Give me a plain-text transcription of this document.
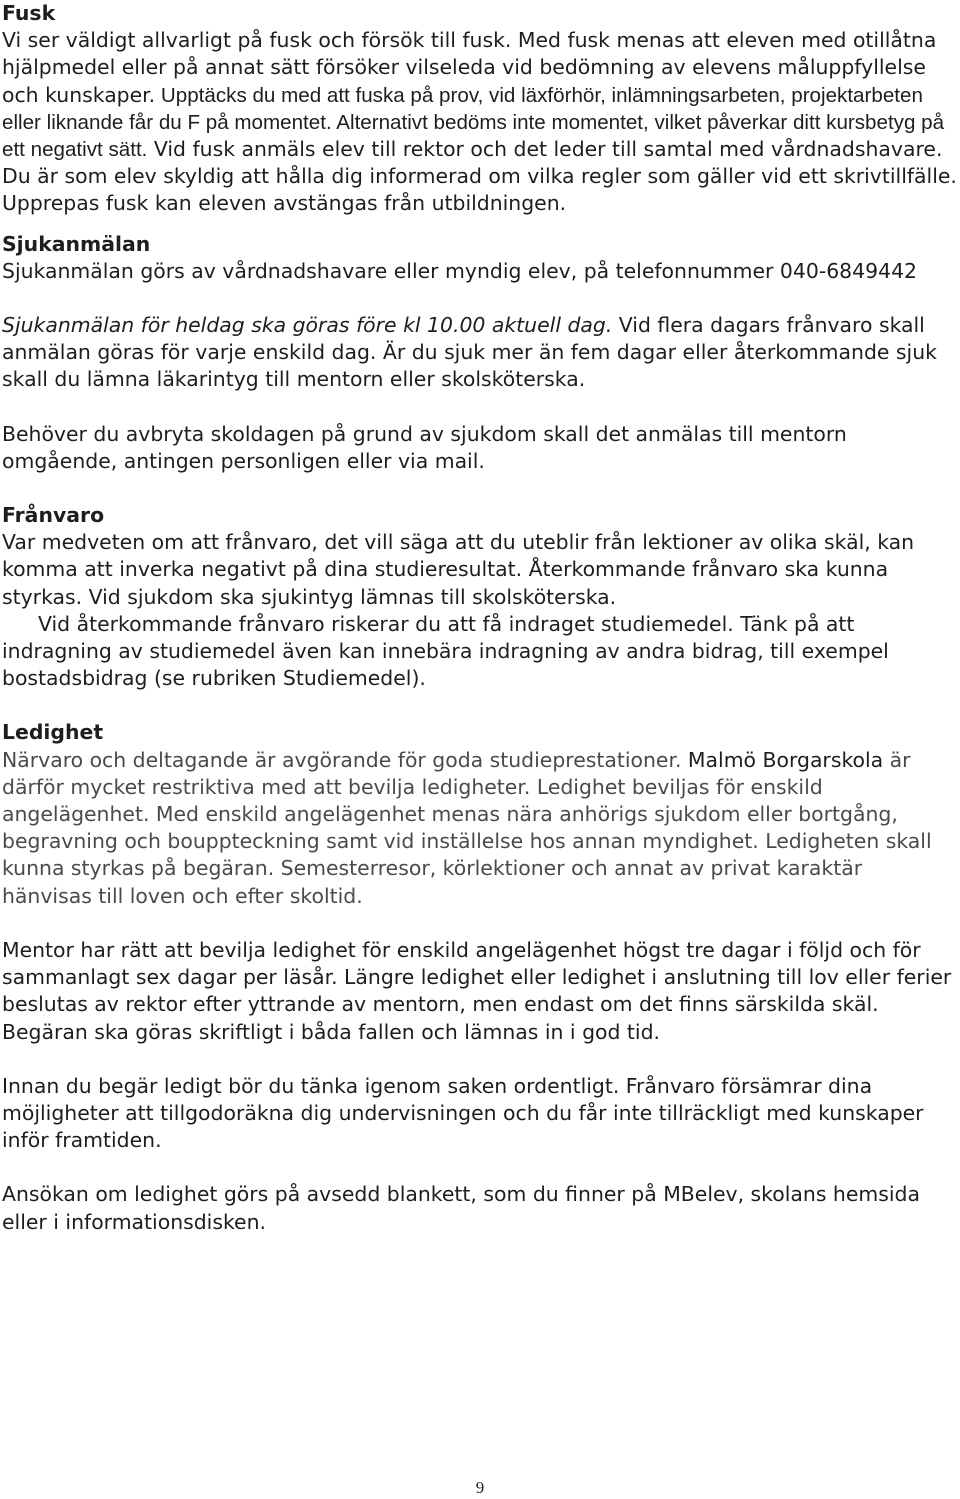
Fusk

Vi ser väldigt allvarligt på fusk och försök till fusk. Med fusk menas att eleven med otillåtna hjälpmedel eller på annat sätt försöker vilseleda vid bedömning av elevens måluppfyllelse och kunskaper. Upptäcks du med att fuska på prov, vid läxförhör, inlämningsarbeten, projektarbeten eller liknande får du F på momentet. Alternativt bedöms inte momentet, vilket påverkar ditt kursbetyg på ett negativt sätt. Vid fusk anmäls elev till rektor och det leder till samtal med vårdnadshavare. Du är som elev skyldig att hålla dig informerad om vilka regler som gäller vid ett skrivtillfälle. Upprepas fusk kan eleven avstängas från utbildningen.

Sjukanmälan

Sjukanmälan görs av vårdnadshavare eller myndig elev, på telefonnummer 040-6849442

Sjukanmälan för heldag ska göras före kl 10.00 aktuell dag. Vid flera dagars frånvaro skall anmälan göras för varje enskild dag. Är du sjuk mer än fem dagar eller återkommande sjuk skall du lämna läkarintyg till mentorn eller skolsköterska.

Behöver du avbryta skoldagen på grund av sjukdom skall det anmälas till mentorn omgående, antingen personligen eller via mail.

Frånvaro

Var medveten om att frånvaro, det vill säga att du uteblir från lektioner av olika skäl, kan komma att inverka negativt på dina studieresultat. Återkommande frånvaro ska kunna styrkas. Vid sjukdom ska sjukintyg lämnas till skolsköterska.

Vid återkommande frånvaro riskerar du att få indraget studiemedel. Tänk på att indragning av studiemedel även kan innebära indragning av andra bidrag, till exempel bostadsbidrag (se rubriken Studiemedel).

Ledighet

Närvaro och deltagande är avgörande för goda studieprestationer. Malmö Borgarskola är därför mycket restriktiva med att bevilja ledigheter. Ledighet beviljas för enskild angelägenhet. Med enskild angelägenhet menas nära anhörigs sjukdom eller bortgång, begravning och bouppteckning samt vid inställelse hos annan myndighet. Ledigheten skall kunna styrkas på begäran. Semesterresor, körlektioner och annat av privat karaktär hänvisas till loven och efter skoltid.

Mentor har rätt att bevilja ledighet för enskild angelägenhet högst tre dagar i följd och för sammanlagt sex dagar per läsår. Längre ledighet eller ledighet i anslutning till lov eller ferier beslutas av rektor efter yttrande av mentorn, men endast om det finns särskilda skäl. Begäran ska göras skriftligt i båda fallen och lämnas in i god tid.

Innan du begär ledigt bör du tänka igenom saken ordentligt. Frånvaro försämrar dina möjligheter att tillgodoräkna dig undervisningen och du får inte tillräckligt med kunskaper inför framtiden.

Ansökan om ledighet görs på avsedd blankett, som du finner på MBelev, skolans hemsida eller i informationsdisken.

9
